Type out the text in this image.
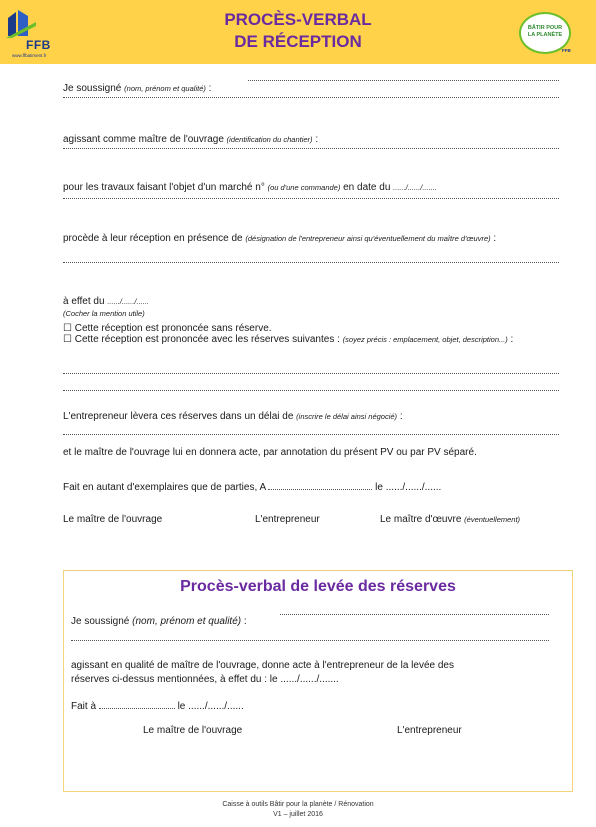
FFB
www.ffbatiment.fr
PROCÈS-VERBAL
DE RÉCEPTION
BÂTIR POUR
LA PLANÈTE
FFB
Je soussigné (nom, prénom et qualité) :
agissant comme maître de l'ouvrage (identification du chantier) :
pour les travaux faisant l'objet d'un marché n° (ou d'une commande) en date du ....../....../.......
procède à leur réception en présence de (désignation de l'entrepreneur ainsi qu'éventuellement du maître d'œuvre) :
à effet du ....../....../......
(Cocher la mention utile)
☐ Cette réception est prononcée sans réserve.
☐ Cette réception est prononcée avec les réserves suivantes : (soyez précis : emplacement, objet, description...) :
L'entrepreneur lèvera ces réserves dans un délai de (inscrire le délai ainsi négocié) :
et le maître de l'ouvrage lui en donnera acte, par annotation du présent PV ou par PV séparé.
Fait en autant d'exemplaires que de parties, A	le ....../....../......
Le maître de l'ouvrage	L'entrepreneur	Le maître d'œuvre (éventuellement)
Procès-verbal de levée des réserves
Je soussigné (nom, prénom et qualité) :
agissant en qualité de maître de l'ouvrage, donne acte à l'entrepreneur de la levée des
réserves ci-dessus mentionnées, à effet du : le ....../....../.......
Fait à	le ....../....../......
Le maître de l'ouvrage	L'entrepreneur
Caisse à outils Bâtir pour la planète / Rénovation
V1 – juillet 2016
